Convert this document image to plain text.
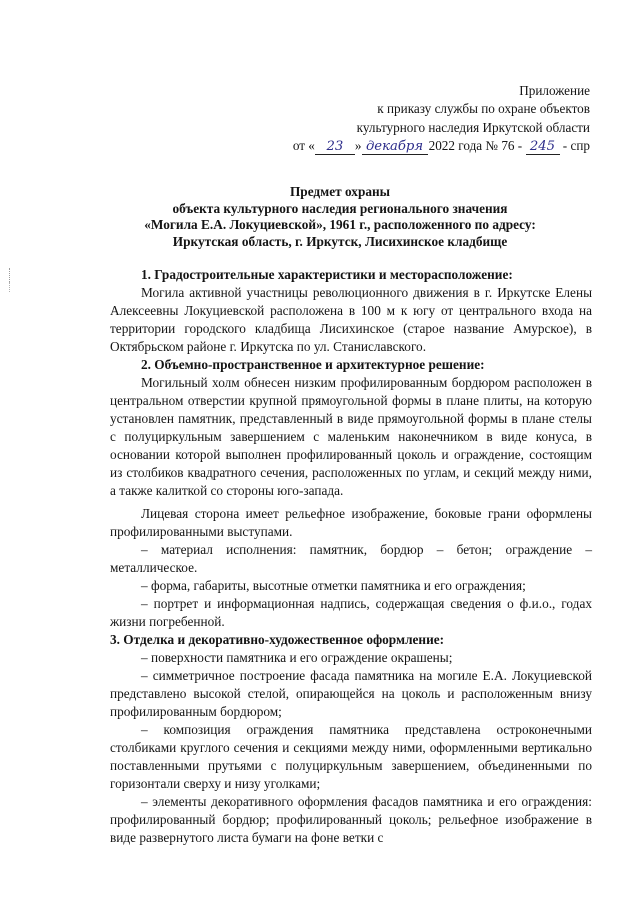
Приложение
к приказу службы по охране объектов
культурного наследия Иркутской области
от « 23 » декабря  2022 года № 76 - 245 - спр
Предмет охраны
объекта культурного наследия регионального значения
«Могила Е.А. Локуциевской», 1961 г., расположенного по адресу:
Иркутская область, г. Иркутск, Лисихинское кладбище

1. Градостроительные характеристики и месторасположение:

Могила активной участницы революционного движения в г. Иркутске Елены Алексеевны Локуциевской расположена в 100 м к югу от центрального входа на территории городского кладбища Лисихинское (старое название Амурское), в Октябрьском районе г. Иркутска по ул. Станиславского.

2. Объемно-пространственное и архитектурное решение:

Могильный холм обнесен низким профилированным бордюром расположен в центральном отверстии крупной прямоугольной формы в плане плиты, на которую установлен памятник, представленный в виде прямоугольной формы в плане стелы с полуциркульным завершением с маленьким наконечником в виде конуса, в основании которой выполнен профилированный цоколь и ограждение, состоящим из столбиков квадратного сечения, расположенных по углам, и секций между ними, а также калиткой со стороны юго-запада.

Лицевая сторона имеет рельефное изображение, боковые грани оформлены профилированными выступами.

– материал исполнения: памятник, бордюр – бетон; ограждение – металлическое.

– форма, габариты, высотные отметки памятника и его ограждения;

– портрет и информационная надпись, содержащая сведения о ф.и.о., годах жизни погребенной.

3. Отделка и декоративно-художественное оформление:

– поверхности памятника и его ограждение окрашены;

– симметричное построение фасада памятника на могиле Е.А. Локуциевской представлено высокой стелой, опирающейся на цоколь и расположенным внизу профилированным бордюром;

– композиция ограждения памятника представлена остроконечными столбиками круглого сечения и секциями между ними, оформленными вертикально поставленными прутьями с полуциркульным завершением, объединенными по горизонтали сверху и низу уголками;

– элементы декоративного оформления фасадов памятника и его ограждения: профилированный бордюр; профилированный цоколь; рельефное изображение в виде развернутого листа бумаги на фоне ветки с
